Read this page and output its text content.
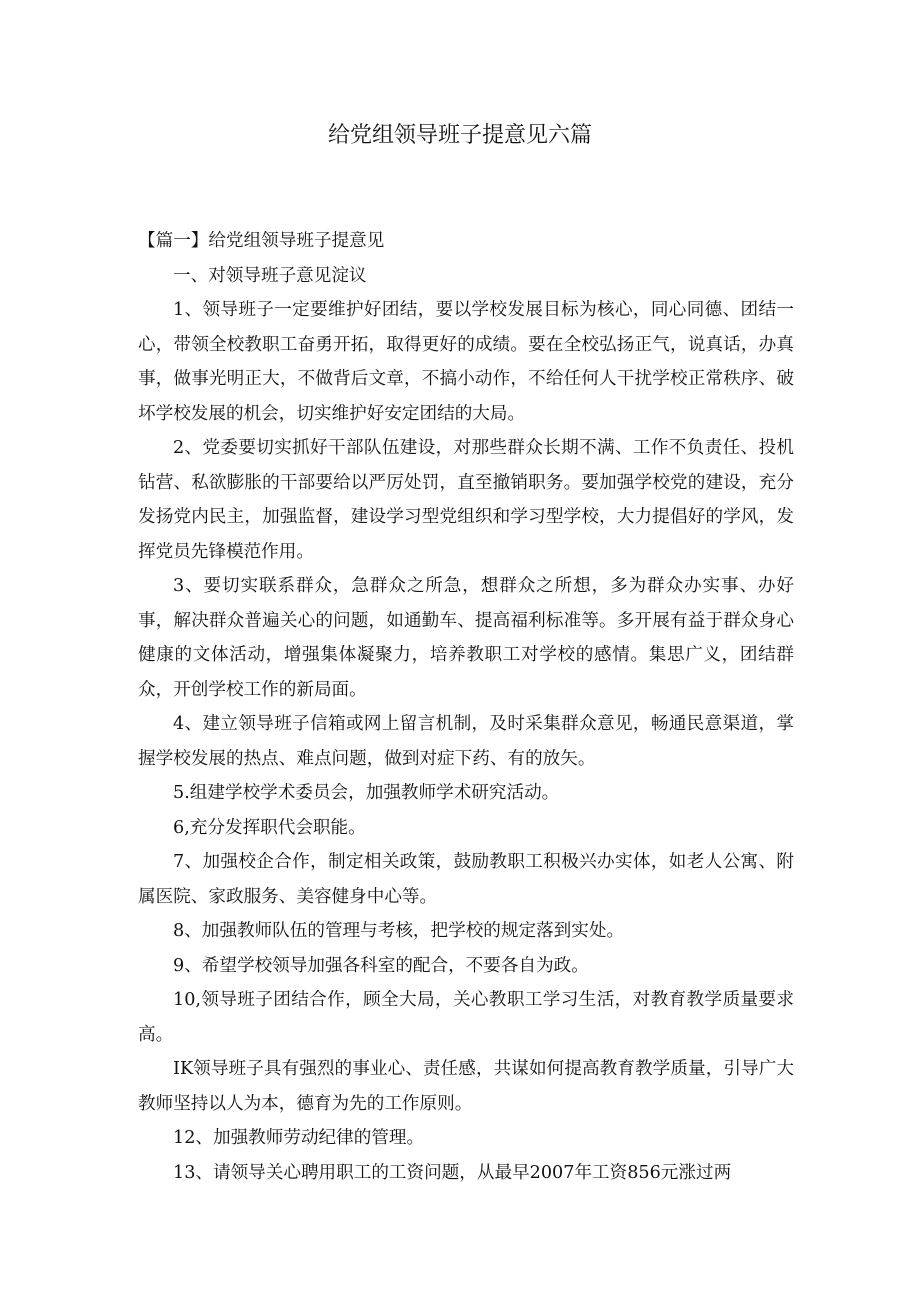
给党组领导班子提意见六篇

【篇一】给党组领导班子提意见

一、对领导班子意见淀议

1、领导班子一定要维护好团结，要以学校发展目标为核心，同心同德、团结一心，带领全校教职工奋勇开拓，取得更好的成绩。要在全校弘扬正气，说真话，办真事，做事光明正大，不做背后文章，不搞小动作，不给任何人干扰学校正常秩序、破坏学校发展的机会，切实维护好安定团结的大局。

2、党委要切实抓好干部队伍建设，对那些群众长期不满、工作不负责任、投机钻营、私欲膨胀的干部要给以严厉处罚，直至撤销职务。要加强学校党的建设，充分发扬党内民主，加强监督，建设学习型党组织和学习型学校，大力提倡好的学风，发挥党员先锋模范作用。

3、要切实联系群众，急群众之所急，想群众之所想，多为群众办实事、办好事，解决群众普遍关心的问题，如通勤车、提高福利标准等。多开展有益于群众身心健康的文体活动，增强集体凝聚力，培养教职工对学校的感情。集思广义，团结群众，开创学校工作的新局面。

4、建立领导班子信箱或网上留言机制，及时采集群众意见，畅通民意渠道，掌握学校发展的热点、难点问题，做到对症下药、有的放矢。

5.组建学校学术委员会，加强教师学术研究活动。

6,充分发挥职代会职能。

7、加强校企合作，制定相关政策，鼓励教职工积极兴办实体，如老人公寓、附属医院、家政服务、美容健身中心等。

8、加强教师队伍的管理与考核，把学校的规定落到实处。

9、希望学校领导加强各科室的配合，不要各自为政。

10,领导班子团结合作，顾全大局，关心教职工学习生活，对教育教学质量要求高。

IK领导班子具有强烈的事业心、责任感，共谋如何提高教育教学质量，引导广大教师坚持以人为本，德育为先的工作原则。

12、加强教师劳动纪律的管理。

13、请领导关心聘用职工的工资问题，从最早2007年工资856元涨过两
